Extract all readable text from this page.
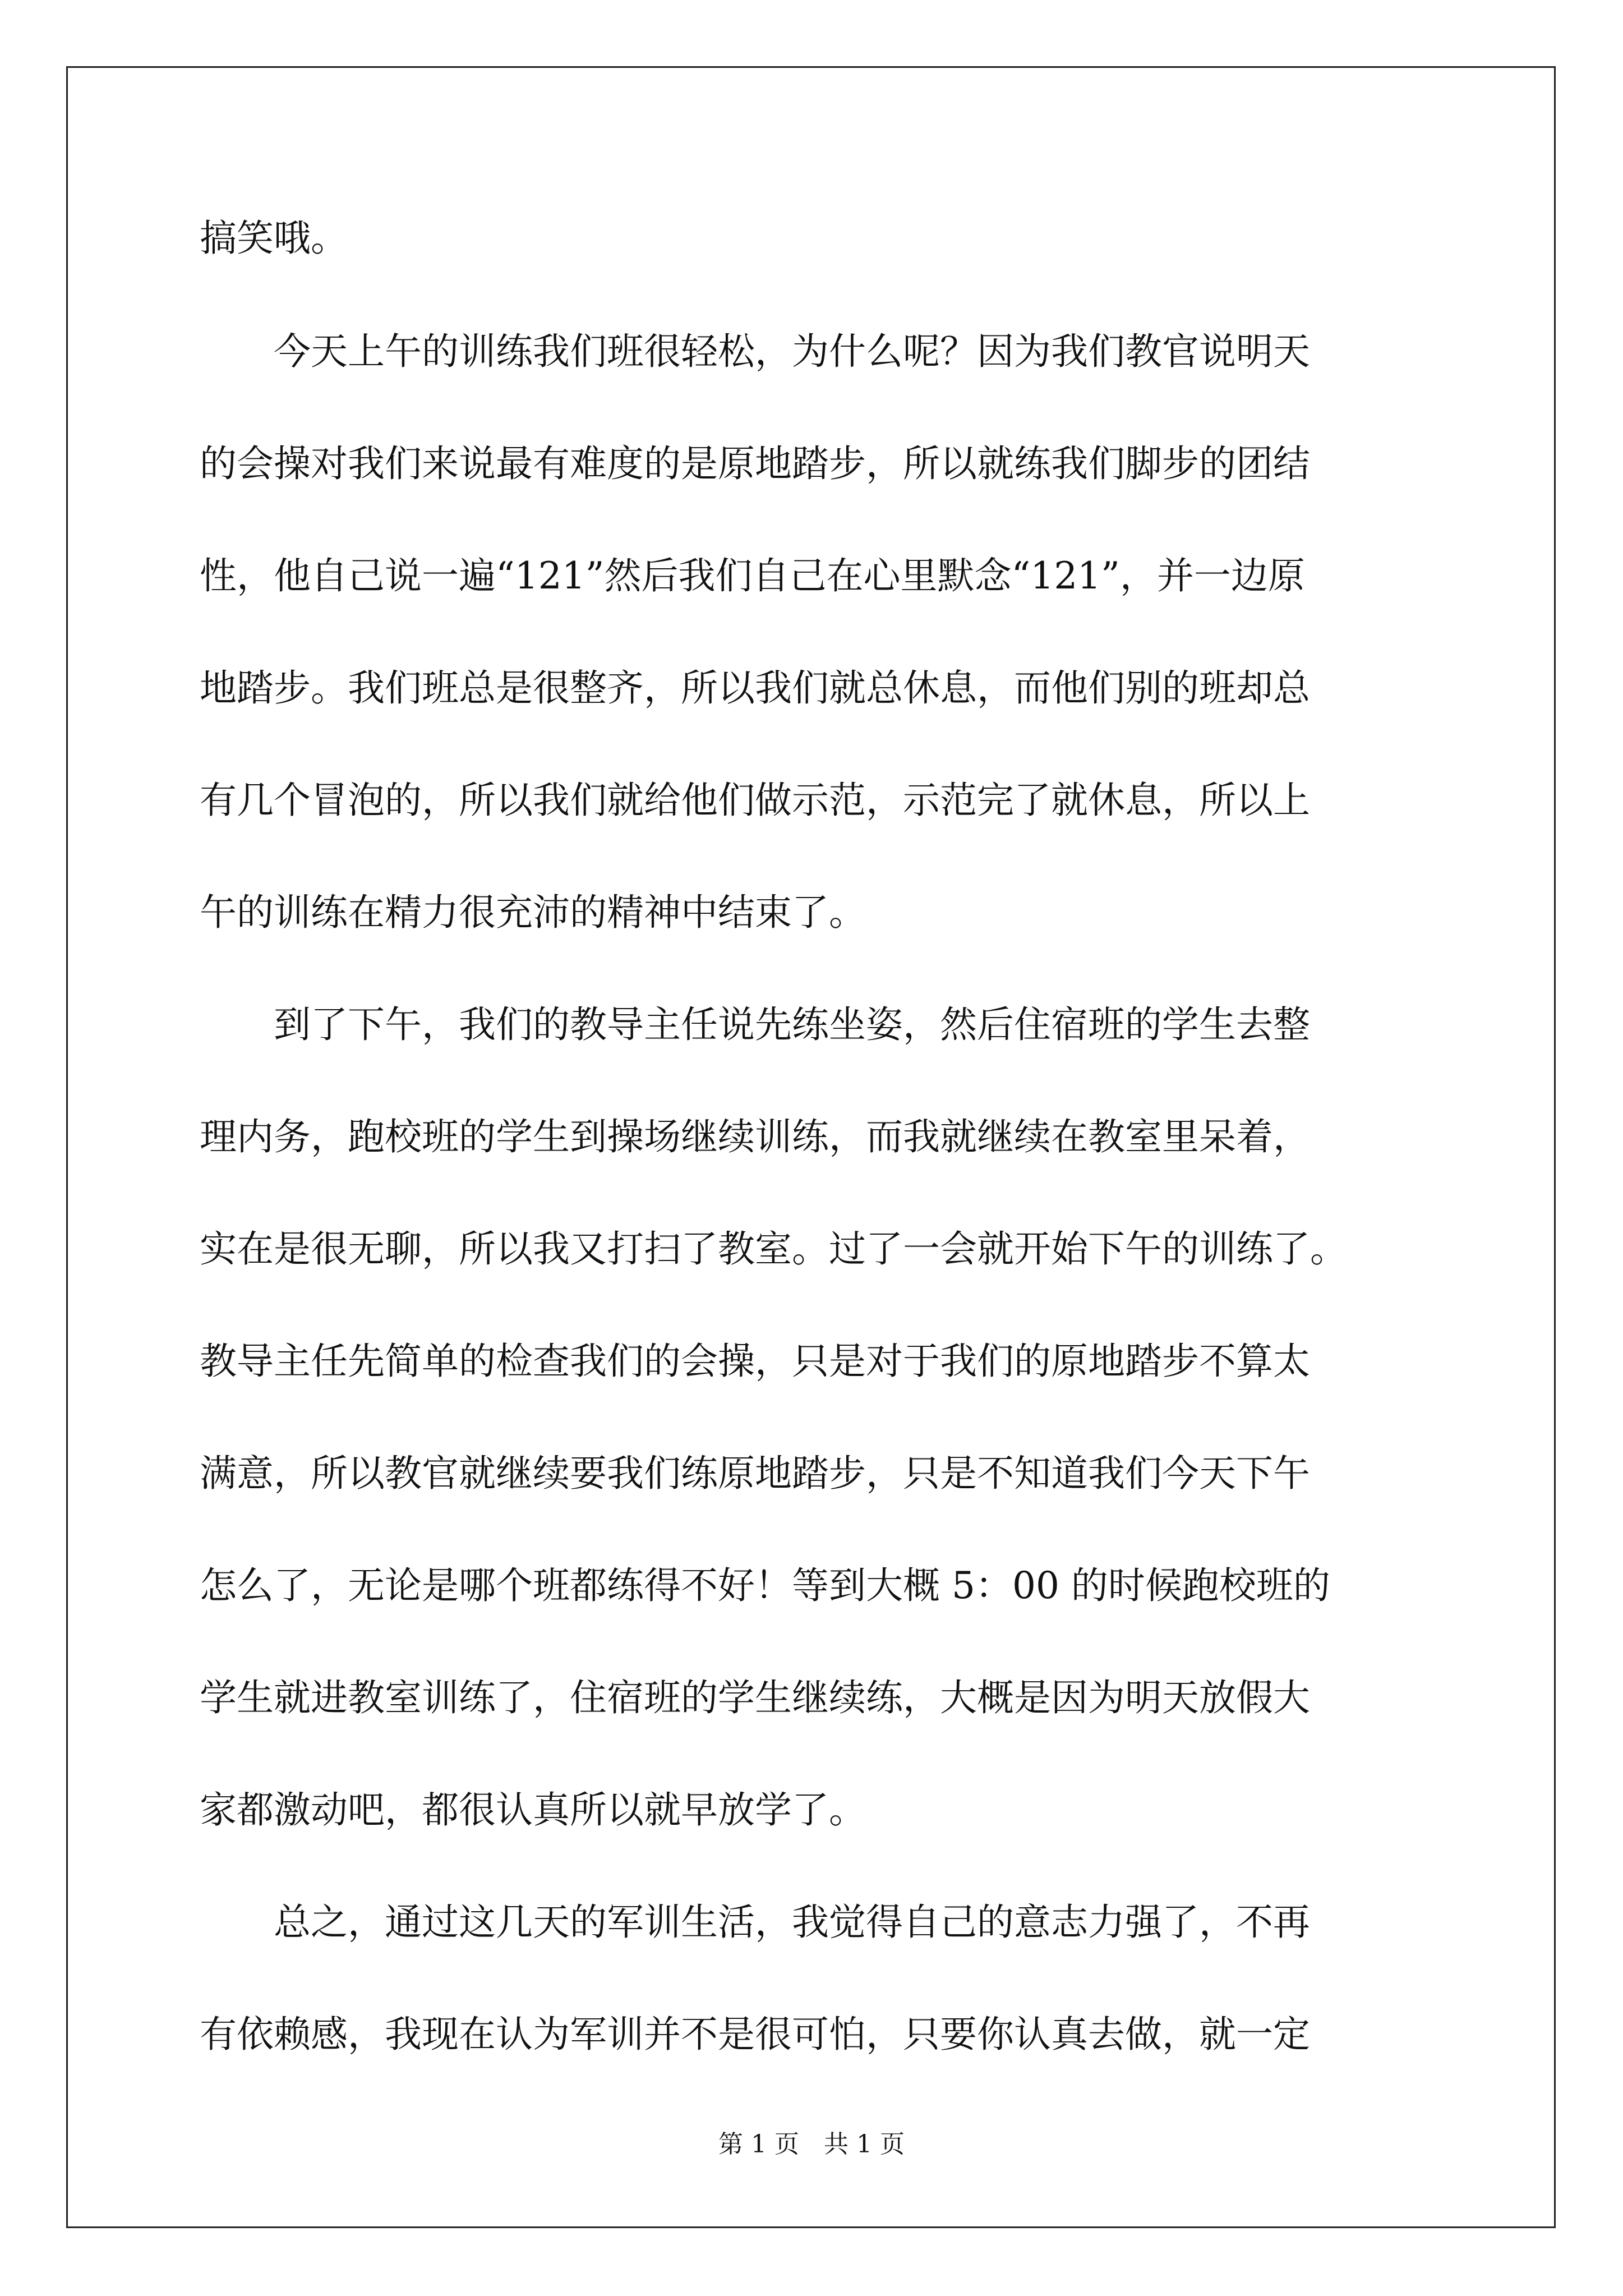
搞笑哦。
　　今天上午的训练我们班很轻松，为什么呢？因为我们教官说明天
的会操对我们来说最有难度的是原地踏步，所以就练我们脚步的团结
性，他自己说一遍“121”然后我们自己在心里默念“121”，并一边原
地踏步。我们班总是很整齐，所以我们就总休息，而他们别的班却总
有几个冒泡的，所以我们就给他们做示范，示范完了就休息，所以上
午的训练在精力很充沛的精神中结束了。
　　到了下午，我们的教导主任说先练坐姿，然后住宿班的学生去整
理内务，跑校班的学生到操场继续训练，而我就继续在教室里呆着，
实在是很无聊，所以我又打扫了教室。过了一会就开始下午的训练了。
教导主任先简单的检查我们的会操，只是对于我们的原地踏步不算太
满意，所以教官就继续要我们练原地踏步，只是不知道我们今天下午
怎么了，无论是哪个班都练得不好！等到大概 5：00 的时候跑校班的
学生就进教室训练了，住宿班的学生继续练，大概是因为明天放假大
家都激动吧，都很认真所以就早放学了。
　　总之，通过这几天的军训生活，我觉得自己的意志力强了，不再
有依赖感，我现在认为军训并不是很可怕，只要你认真去做，就一定
第 1 页　共 1 页
